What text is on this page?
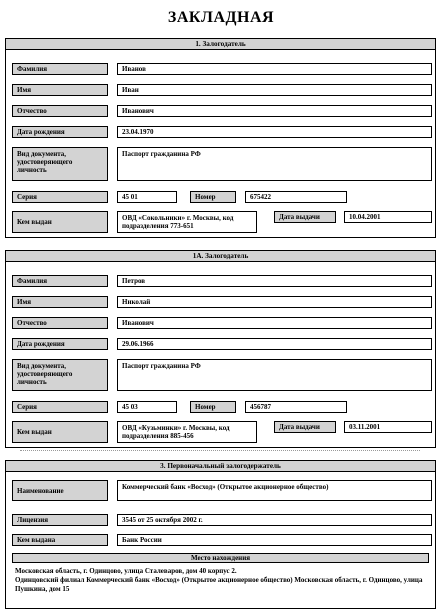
ЗАКЛАДНАЯ
1. Залогодатель
Фамилия	Иванов
Имя	Иван
Отчество	Иванович
Дата рождения	23.04.1970
Вид документа, удостоверяющего личность
Паспорт гражданина РФ
Серия	45 01	Номер	675422
Кем выдан	ОВД «Сокольники» г. Москвы, код подразделения 773-651
Дата выдачи	10.04.2001
1А. Залогодатель
Фамилия	Петров
Имя	Николай
Отчество	Иванович
Дата рождения	29.06.1966
Вид документа, удостоверяющего личность
Паспорт гражданина РФ
Серия	45 03	Номер	456787
Кем выдан	ОВД «Кузьминки» г. Москвы, код подразделения 885-456
Дата выдачи	03.11.2001
3. Первоначальный залогодержатель
Наименование	Коммерческий банк «Восход» (Открытое акционерное общество)
Лицензия	3545 от 25 октября 2002 г.
Кем выдана	Банк России
Место нахождения
Московская область, г. Одинцово, улица Сталеваров, дом 40 корпус 2.
Одинцовский филиал Коммерческий банк «Восход» (Открытое акционерное общество) Московская область, г. Одинцово, улица Пушкина, дом 15
